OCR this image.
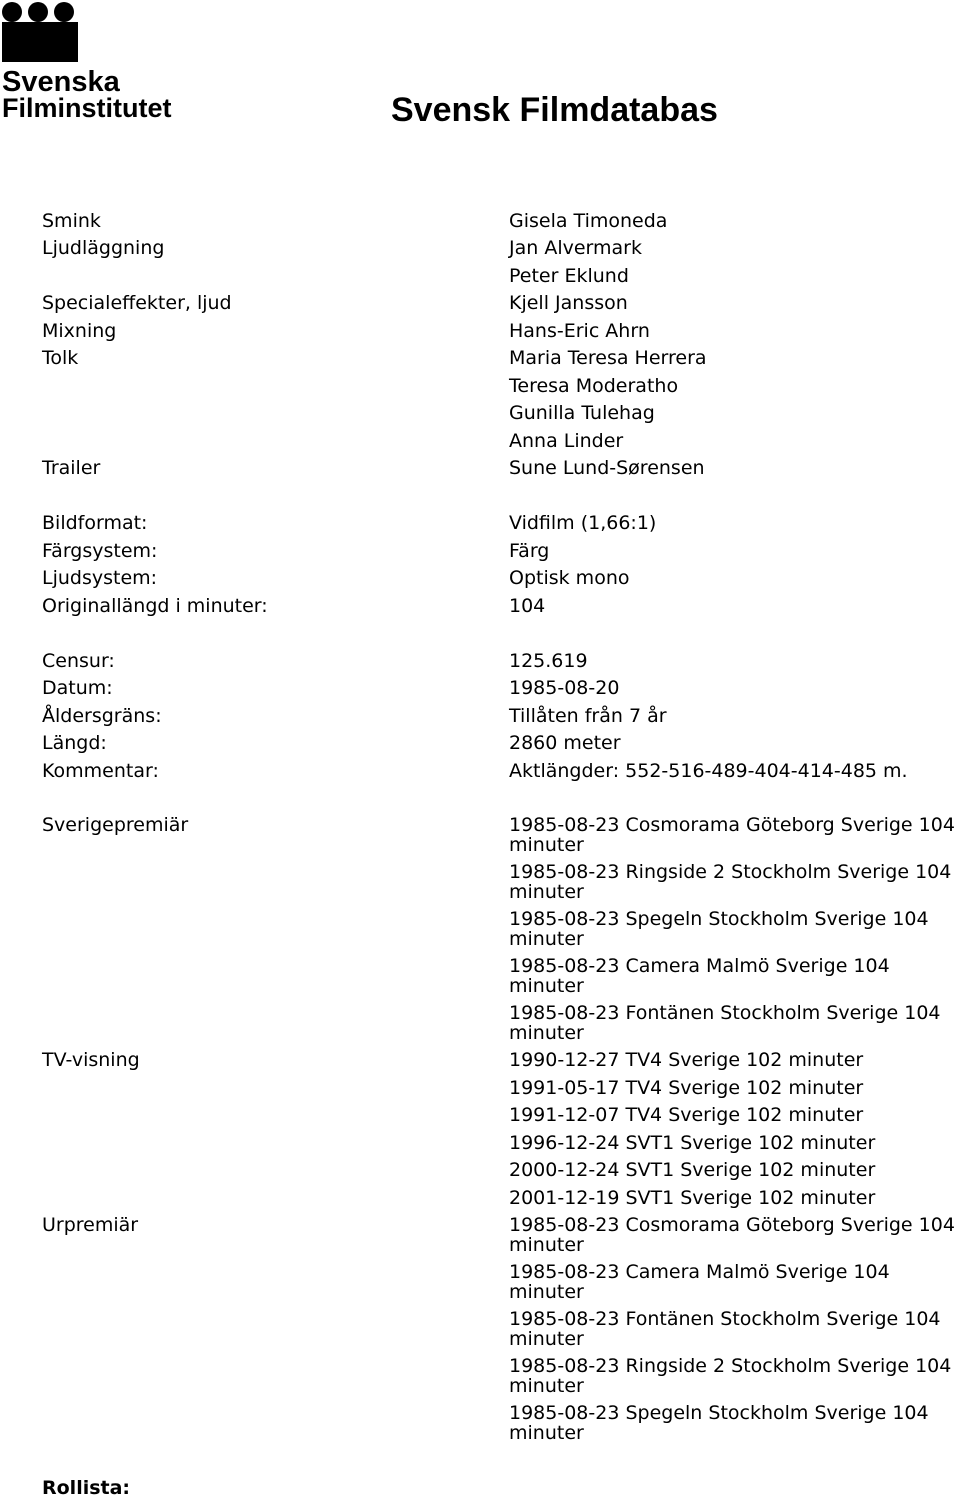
Svenska
Filminstitutet	Svensk Filmdatabas
Smink	Gisela Timoneda
Ljudläggning	Jan Alvermark
Peter Eklund
Specialeffekter, ljud	Kjell Jansson
Mixning	Hans-Eric Ahrn
Tolk	Maria Teresa Herrera
Teresa Moderatho
Gunilla Tulehag
Anna Linder
Trailer	Sune Lund-Sørensen
Bildformat:	Vidfilm (1,66:1)
Färgsystem:	Färg
Ljudsystem:	Optisk mono
Originallängd i minuter:	104
Censur:	125.619
Datum:	1985-08-20
Åldersgräns:	Tillåten från 7 år
Längd:	2860 meter
Kommentar:	Aktlängder: 552-516-489-404-414-485 m.
Sverigepremiär	1985-08-23 Cosmorama Göteborg Sverige 104 minuter
1985-08-23 Ringside 2 Stockholm Sverige 104 minuter
1985-08-23 Spegeln Stockholm Sverige 104 minuter
1985-08-23 Camera Malmö Sverige 104 minuter
1985-08-23 Fontänen Stockholm Sverige 104 minuter
TV-visning	1990-12-27 TV4 Sverige 102 minuter
1991-05-17 TV4 Sverige 102 minuter
1991-12-07 TV4 Sverige 102 minuter
1996-12-24 SVT1 Sverige 102 minuter
2000-12-24 SVT1 Sverige 102 minuter
2001-12-19 SVT1 Sverige 102 minuter
Urpremiär	1985-08-23 Cosmorama Göteborg Sverige 104 minuter
1985-08-23 Camera Malmö Sverige 104 minuter
1985-08-23 Fontänen Stockholm Sverige 104 minuter
1985-08-23 Ringside 2 Stockholm Sverige 104 minuter
1985-08-23 Spegeln Stockholm Sverige 104 minuter
Rollista:
